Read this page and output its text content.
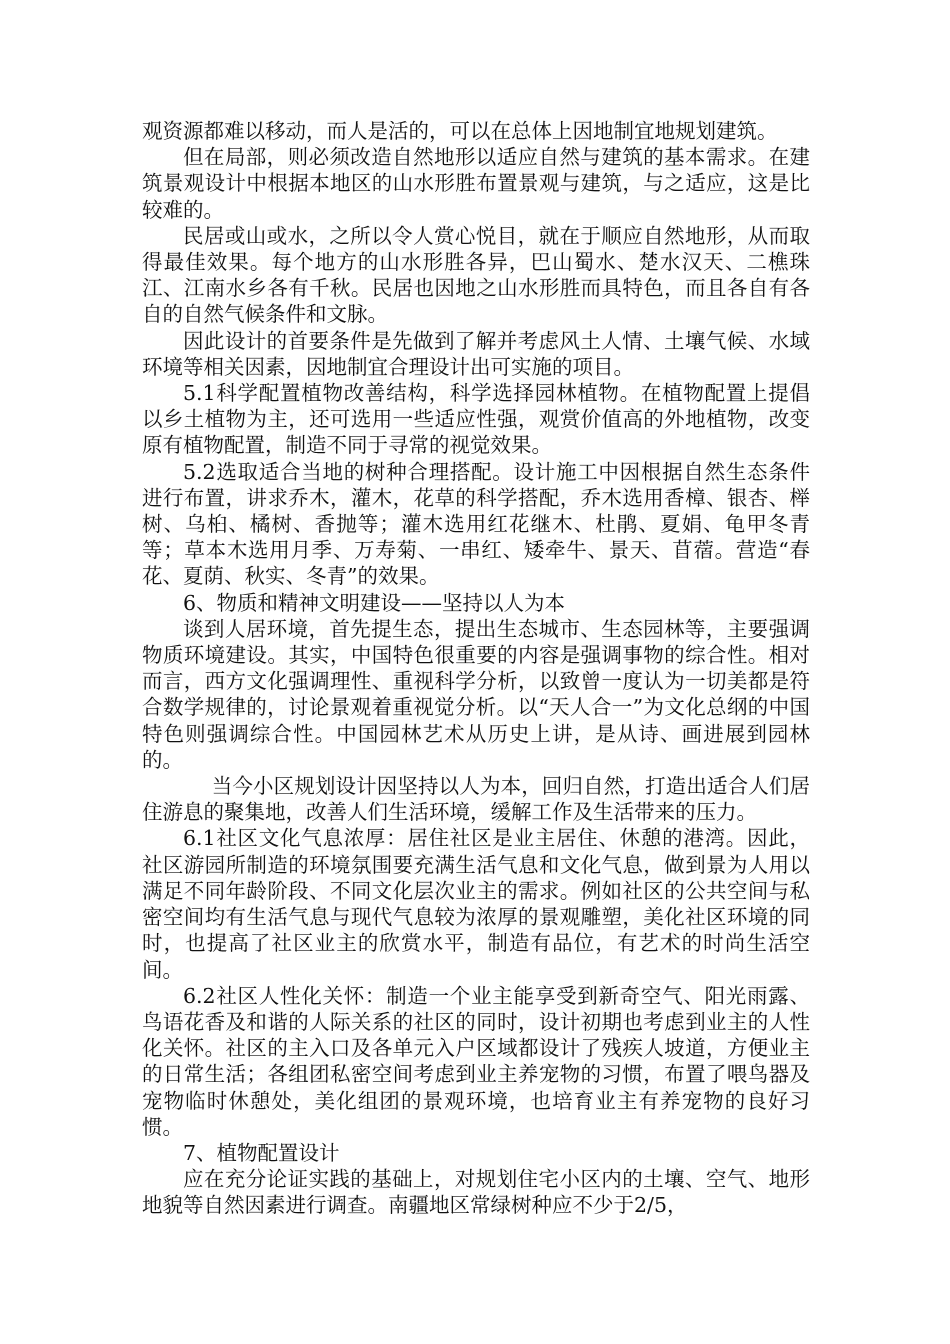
观资源都难以移动，而人是活的，可以在总体上因地制宜地规划建筑。

但在局部，则必须改造自然地形以适应自然与建筑的基本需求。在建筑景观设计中根据本地区的山水形胜布置景观与建筑，与之适应，这是比较难的。

民居或山或水，之所以令人赏心悦目，就在于顺应自然地形，从而取得最佳效果。每个地方的山水形胜各异，巴山蜀水、楚水汉天、二樵珠江、江南水乡各有千秋。民居也因地之山水形胜而具特色，而且各自有各自的自然气候条件和文脉。

因此设计的首要条件是先做到了解并考虑风土人情、土壤气候、水域环境等相关因素，因地制宜合理设计出可实施的项目。

5.1科学配置植物改善结构，科学选择园林植物。在植物配置上提倡以乡土植物为主，还可选用一些适应性强，观赏价值高的外地植物，改变原有植物配置，制造不同于寻常的视觉效果。

5.2选取适合当地的树种合理搭配。设计施工中因根据自然生态条件进行布置，讲求乔木，灌木，花草的科学搭配，乔木选用香樟、银杏、榉树、乌桕、橘树、香抛等；灌木选用红花继木、杜鹃、夏娟、龟甲冬青等；草本木选用月季、万寿菊、一串红、矮牵牛、景天、苜蓿。营造“春花、夏荫、秋实、冬青”的效果。

6、物质和精神文明建设——坚持以人为本

谈到人居环境，首先提生态，提出生态城市、生态园林等，主要强调物质环境建设。其实，中国特色很重要的内容是强调事物的综合性。相对而言，西方文化强调理性、重视科学分析，以致曾一度认为一切美都是符合数学规律的，讨论景观着重视觉分析。以“天人合一”为文化总纲的中国特色则强调综合性。中国园林艺术从历史上讲，是从诗、画进展到园林的。

当今小区规划设计因坚持以人为本，回归自然，打造出适合人们居住游息的聚集地，改善人们生活环境，缓解工作及生活带来的压力。

6.1社区文化气息浓厚：居住社区是业主居住、休憩的港湾。因此，社区游园所制造的环境氛围要充满生活气息和文化气息，做到景为人用以满足不同年龄阶段、不同文化层次业主的需求。例如社区的公共空间与私密空间均有生活气息与现代气息较为浓厚的景观雕塑，美化社区环境的同时，也提高了社区业主的欣赏水平，制造有品位，有艺术的时尚生活空间。

6.2社区人性化关怀：制造一个业主能享受到新奇空气、阳光雨露、鸟语花香及和谐的人际关系的社区的同时，设计初期也考虑到业主的人性化关怀。社区的主入口及各单元入户区域都设计了残疾人坡道，方便业主的日常生活；各组团私密空间考虑到业主养宠物的习惯，布置了喂鸟器及宠物临时休憩处，美化组团的景观环境，也培育业主有养宠物的良好习惯。

7、植物配置设计

应在充分论证实践的基础上，对规划住宅小区内的土壤、空气、地形地貌等自然因素进行调查。南疆地区常绿树种应不少于2/5，
